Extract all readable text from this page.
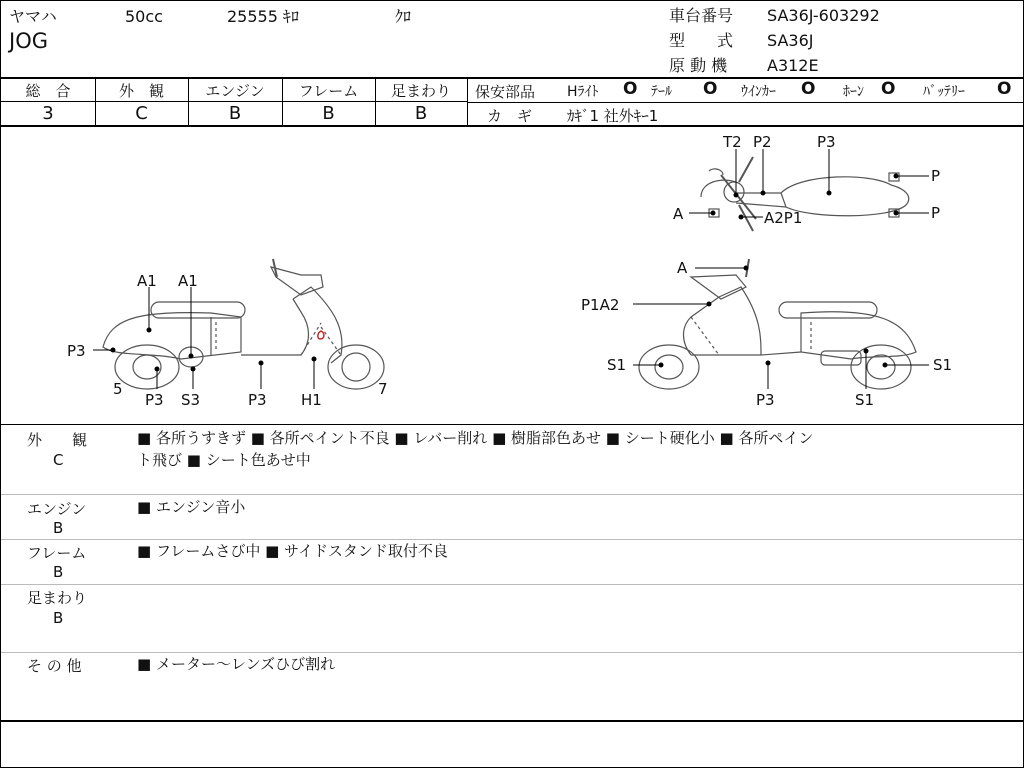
ヤマハ	50cc	25555 ｷﾛ	ｸﾛ
JOG
車台番号 SA36J-603292
型　　式 SA36J
原 動 機 A312E
総　合	外　観	エンジン	フレーム	足まわり
3	C	B	B	B
保安部品 Hﾗｲﾄ O ﾃｰﾙ O ｳｲﾝｶｰ O ﾎｰﾝ O ﾊﾞｯﾃﾘｰ O
カ　ギ ｶｷﾞ1 社外ｷｰ1
T2 P2	P3
P
P
A	A2P1
A1 A1
P3
5
P3 S3	P3 H1
7
A
P1A2
S1	S1
P3	S1
外　　観
C
■ 各所うすきず ■ 各所ペイント不良 ■ レバー削れ ■ 樹脂部色あせ ■ シート硬化小 ■ 各所ペイン
ト飛び ■ シート色あせ中
エンジン
B
■ エンジン音小
フレーム
B
■ フレームさび中 ■ サイドスタンド取付不良
足まわり
B
そ の 他	■ メーター～レンズひび割れ
